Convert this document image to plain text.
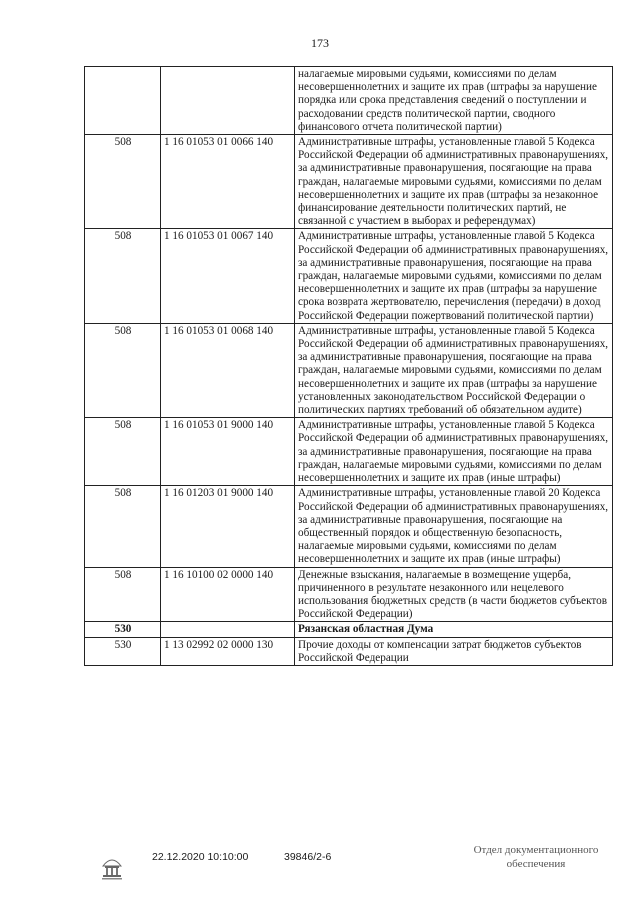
173
		налагаемые мировыми судьями, комиссиями по делам несовершеннолетних и защите их прав (штрафы за нарушение порядка или срока представления сведений о поступлении и расходовании средств политической партии, сводного финансового отчета политической партии)
508	1 16 01053 01 0066 140	Административные штрафы, установленные главой 5 Кодекса Российской Федерации об административных правонарушениях, за административные правонарушения, посягающие на права граждан, налагаемые мировыми судьями, комиссиями по делам несовершеннолетних и защите их прав (штрафы за незаконное финансирование деятельности политических партий, не связанной с участием в выборах и референдумах)
508	1 16 01053 01 0067 140	Административные штрафы, установленные главой 5 Кодекса Российской Федерации об административных правонарушениях, за административные правонарушения, посягающие на права граждан, налагаемые мировыми судьями, комиссиями по делам несовершеннолетних и защите их прав (штрафы за нарушение срока возврата жертвователю, перечисления (передачи) в доход Российской Федерации пожертвований политической партии)
508	1 16 01053 01 0068 140	Административные штрафы, установленные главой 5 Кодекса Российской Федерации об административных правонарушениях, за административные правонарушения, посягающие на права граждан, налагаемые мировыми судьями, комиссиями по делам несовершеннолетних и защите их прав (штрафы за нарушение установленных законодательством Российской Федерации о политических партиях требований об обязательном аудите)
508	1 16 01053 01 9000 140	Административные штрафы, установленные главой 5 Кодекса Российской Федерации об административных правонарушениях, за административные правонарушения, посягающие на права граждан, налагаемые мировыми судьями, комиссиями по делам несовершеннолетних и защите их прав (иные штрафы)
508	1 16 01203 01 9000 140	Административные штрафы, установленные главой 20 Кодекса Российской Федерации об административных правонарушениях, за административные правонарушения, посягающие на общественный порядок и общественную безопасность, налагаемые мировыми судьями, комиссиями по делам несовершеннолетних и защите их прав (иные штрафы)
508	1 16 10100 02 0000 140	Денежные взыскания, налагаемые в возмещение ущерба, причиненного в результате незаконного или нецелевого использования бюджетных средств (в части бюджетов субъектов Российской Федерации)
530		Рязанская областная Дума
530	1 13 02992 02 0000 130	Прочие доходы от компенсации затрат бюджетов субъектов Российской Федерации
22.12.2020 10:10:00	39846/2-6
Отдел документационного
обеспечения
